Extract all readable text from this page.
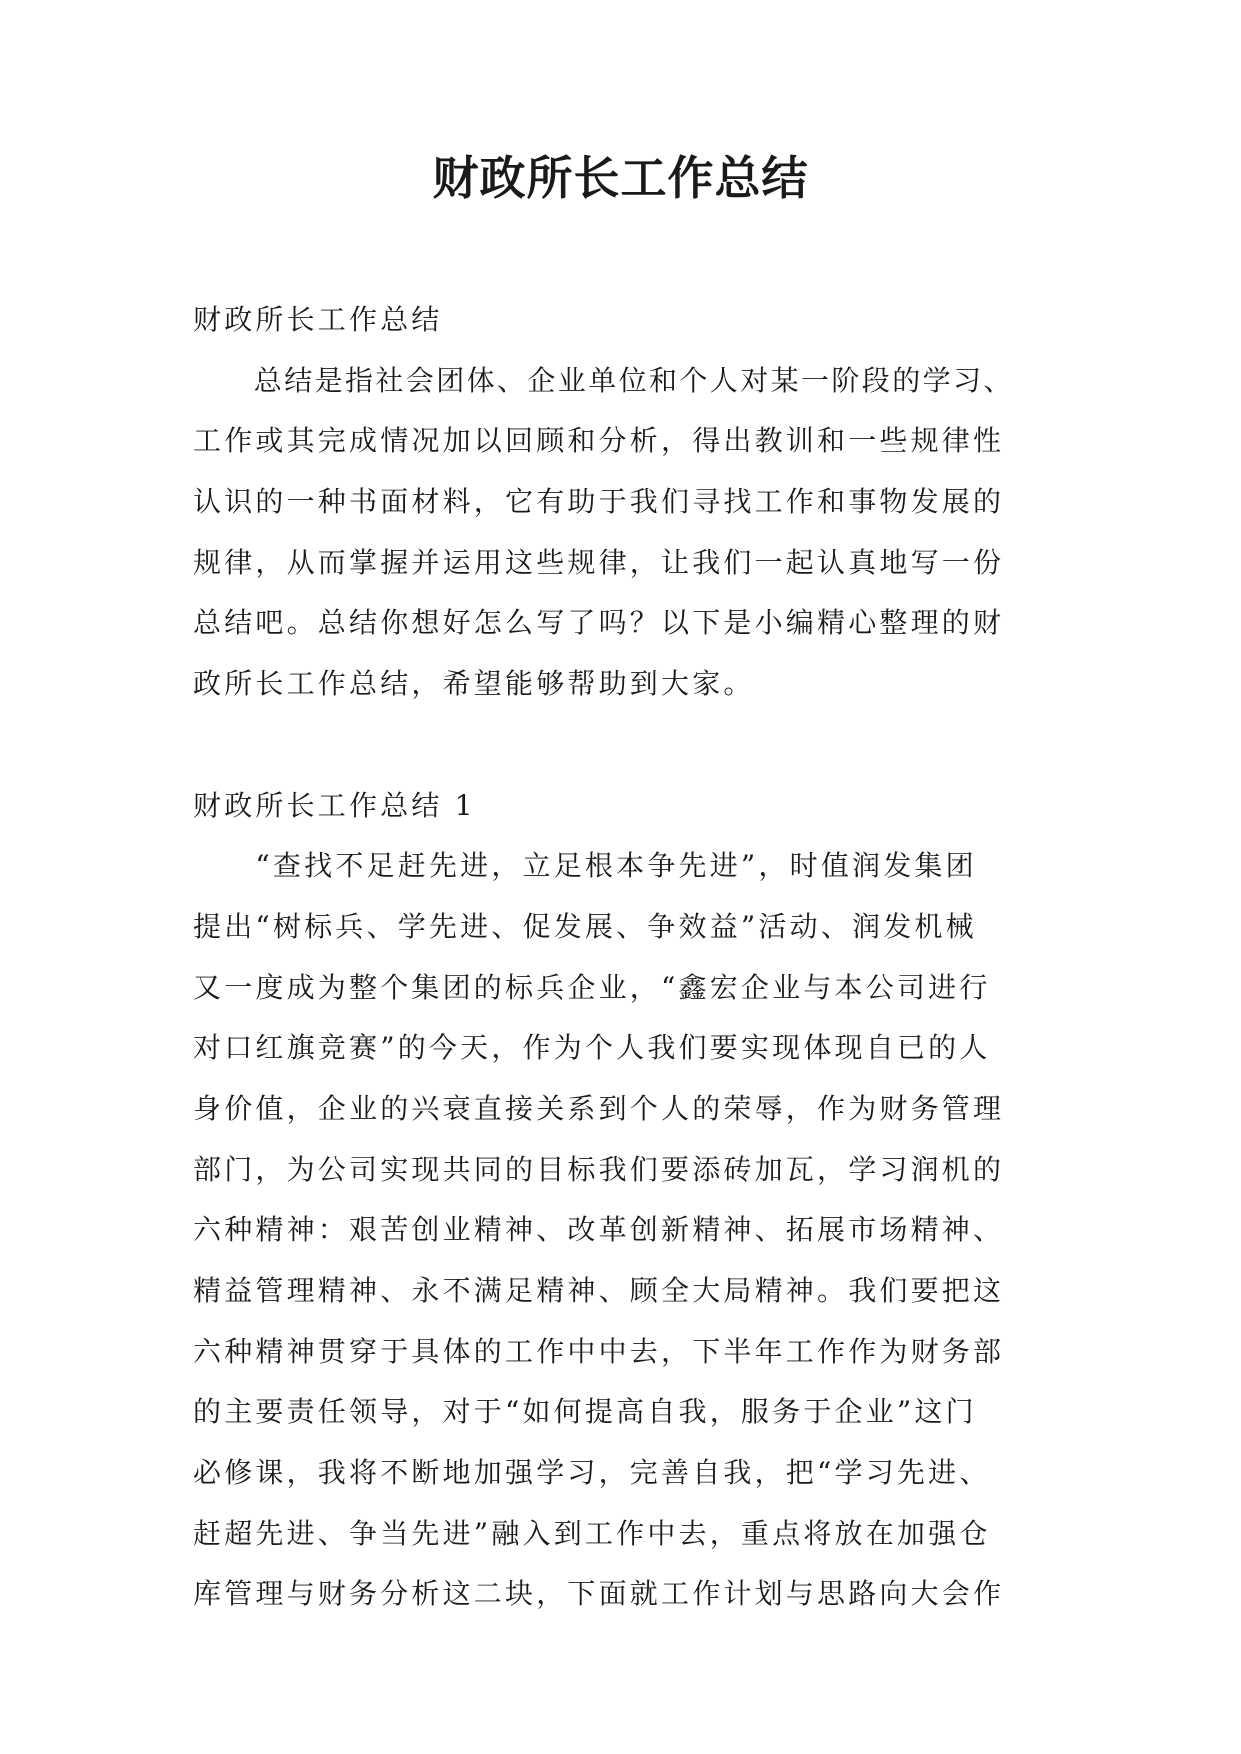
财政所长工作总结
财政所长工作总结
　　总结是指社会团体、企业单位和个人对某一阶段的学习、
工作或其完成情况加以回顾和分析，得出教训和一些规律性
认识的一种书面材料，它有助于我们寻找工作和事物发展的
规律，从而掌握并运用这些规律，让我们一起认真地写一份
总结吧。总结你想好怎么写了吗？以下是小编精心整理的财
政所长工作总结，希望能够帮助到大家。
财政所长工作总结 1
　　“查找不足赶先进，立足根本争先进”，时值润发集团
提出“树标兵、学先进、促发展、争效益”活动、润发机械
又一度成为整个集团的标兵企业，“鑫宏企业与本公司进行
对口红旗竞赛”的今天，作为个人我们要实现体现自已的人
身价值，企业的兴衰直接关系到个人的荣辱，作为财务管理
部门，为公司实现共同的目标我们要添砖加瓦，学习润机的
六种精神：艰苦创业精神、改革创新精神、拓展市场精神、
精益管理精神、永不满足精神、顾全大局精神。我们要把这
六种精神贯穿于具体的工作中中去，下半年工作作为财务部
的主要责任领导，对于“如何提高自我，服务于企业”这门
必修课，我将不断地加强学习，完善自我，把“学习先进、
赶超先进、争当先进”融入到工作中去，重点将放在加强仓
库管理与财务分析这二块，下面就工作计划与思路向大会作
